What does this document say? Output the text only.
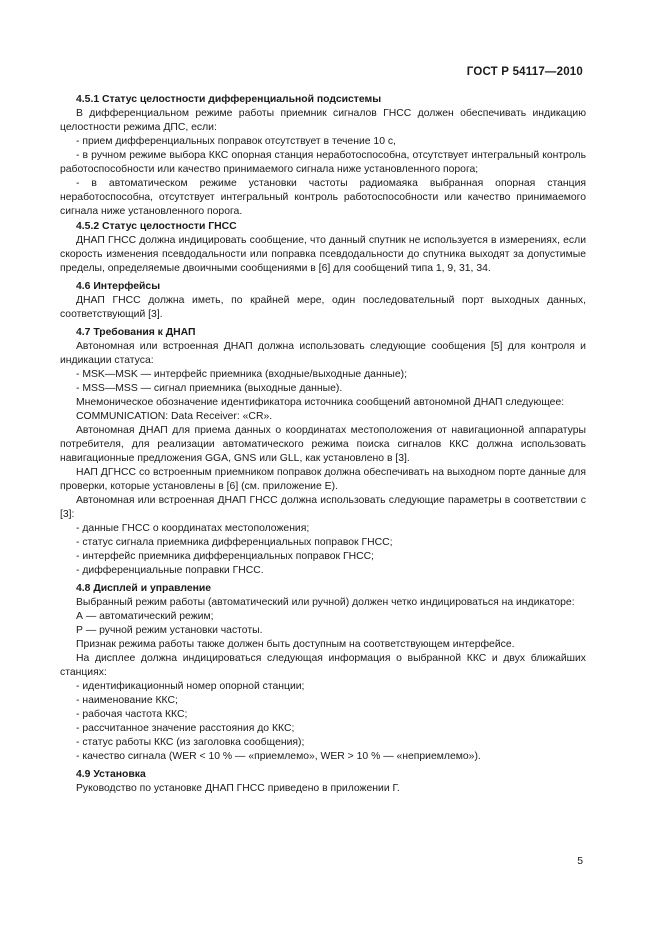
ГОСТ Р 54117—2010

4.5.1 Статус целостности дифференциальной подсистемы

В дифференциальном режиме работы приемник сигналов ГНСС должен обеспечивать индикацию целостности режима ДПС, если:

- прием дифференциальных поправок отсутствует в течение 10 с,

- в ручном режиме выбора ККС опорная станция неработоспособна, отсутствует интегральный контроль работоспособности или качество принимаемого сигнала ниже установленного порога;

- в автоматическом режиме установки частоты радиомаяка выбранная опорная станция неработоспособна, отсутствует интегральный контроль работоспособности или качество принимаемого сигнала ниже установленного порога.

4.5.2 Статус целостности ГНСС

ДНАП ГНСС должна индицировать сообщение, что данный спутник не используется в измерениях, если скорость изменения псевдодальности или поправка псевдодальности до спутника выходят за допустимые пределы, определяемые двоичными сообщениями в [6] для сообщений типа 1, 9, 31, 34.

4.6 Интерфейсы

ДНАП ГНСС должна иметь, по крайней мере, один последовательный порт выходных данных, соответствующий [3].

4.7 Требования к ДНАП

Автономная или встроенная ДНАП должна использовать следующие сообщения [5] для контроля и индикации статуса:

- MSK—MSK — интерфейс приемника (входные/выходные данные);

- MSS—MSS — сигнал приемника (выходные данные).

Мнемоническое обозначение идентификатора источника сообщений автономной ДНАП следующее:

COMMUNICATION: Data Receiver: «CR».

Автономная ДНАП для приема данных о координатах местоположения от навигационной аппаратуры потребителя, для реализации автоматического режима поиска сигналов ККС должна использовать навигационные предложения GGA, GNS или GLL, как установлено в [3].

НАП ДГНСС со встроенным приемником поправок должна обеспечивать на выходном порте данные для проверки, которые установлены в [6] (см. приложение Е).

Автономная или встроенная ДНАП ГНСС должна использовать следующие параметры в соответствии с [3]:

- данные ГНСС о координатах местоположения;

- статус сигнала приемника дифференциальных поправок ГНСС;

- интерфейс приемника дифференциальных поправок ГНСС;

- дифференциальные поправки ГНСС.

4.8 Дисплей и управление

Выбранный режим работы (автоматический или ручной) должен четко индицироваться на индикаторе:

А — автоматический режим;

Р — ручной режим установки частоты.

Признак режима работы также должен быть доступным на соответствующем интерфейсе.

На дисплее должна индицироваться следующая информация о выбранной ККС и двух ближайших станциях:

- идентификационный номер опорной станции;

- наименование ККС;

- рабочая частота ККС;

- рассчитанное значение расстояния до ККС;

- статус работы ККС (из заголовка сообщения);

- качество сигнала (WER < 10 % — «приемлемо», WER > 10 % — «неприемлемо»).

4.9 Установка

Руководство по установке ДНАП ГНСС приведено в приложении Г.

5
